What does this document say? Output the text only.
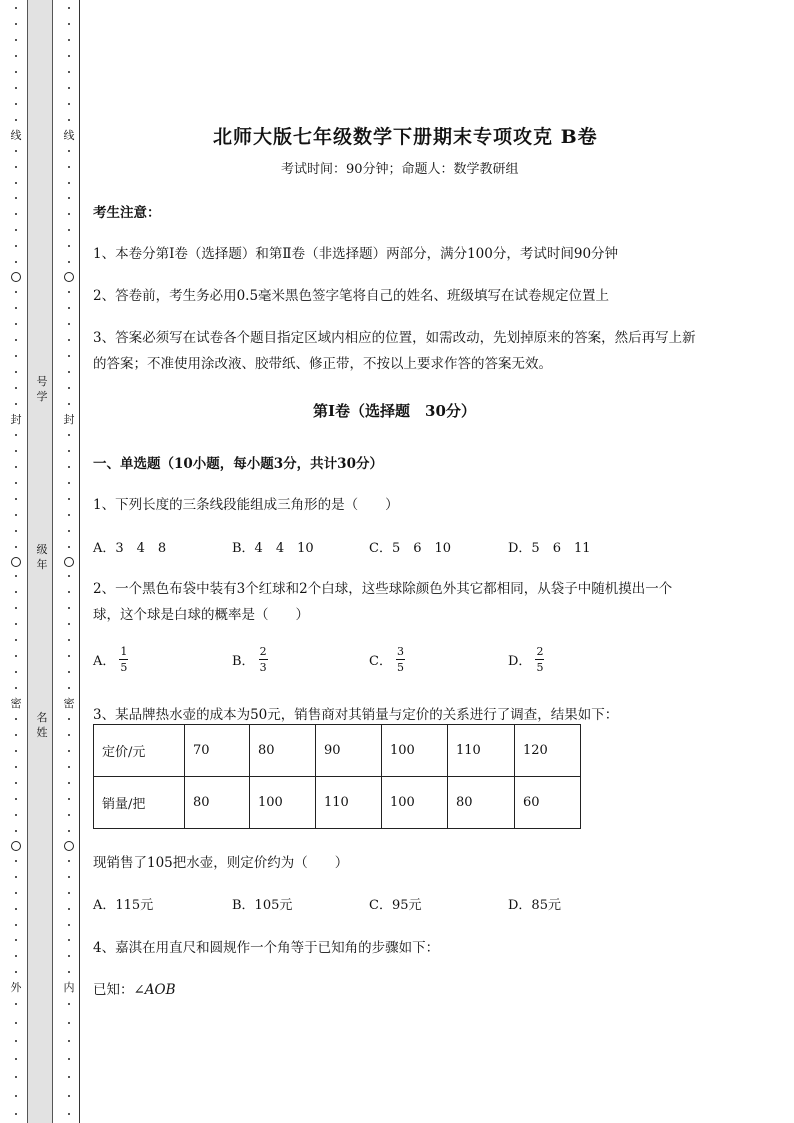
线
封
密
外
号
学
级
年
名
姓
线
封
密
内
北师大版七年级数学下册期末专项攻克 B卷
考试时间：90分钟；命题人：数学教研组
考生注意：
1、本卷分第I卷（选择题）和第Ⅱ卷（非选择题）两部分，满分100分，考试时间90分钟
2、答卷前，考生务必用0.5毫米黑色签字笔将自己的姓名、班级填写在试卷规定位置上
3、答案必须写在试卷各个题目指定区域内相应的位置，如需改动，先划掉原来的答案，然后再写上新
的答案；不准使用涂改液、胶带纸、修正带，不按以上要求作答的答案无效。
第I卷（选择题　30分）
一、单选题（10小题，每小题3分，共计30分）
1、下列长度的三条线段能组成三角形的是（　　）
A．3　4　8	B．4　4　10	C．5　6　10	D．5　6　11
2、一个黑色布袋中装有3个红球和2个白球，这些球除颜色外其它都相同，从袋子中随机摸出一个
球，这个球是白球的概率是（　　）
A． $\frac{1}{5}$	B． $\frac{2}{3}$	C． $\frac{3}{5}$	D． $\frac{2}{5}$
3、某品牌热水壶的成本为50元，销售商对其销量与定价的关系进行了调查，结果如下：
定价/元	70	80	90	100	110	120
销量/把	80	100	110	100	80	60
现销售了105把水壶，则定价约为（　　）
A．115元	B．105元	C．95元	D．85元
4、嘉淇在用直尺和圆规作一个角等于已知角的步骤如下：
已知：∠AOB
